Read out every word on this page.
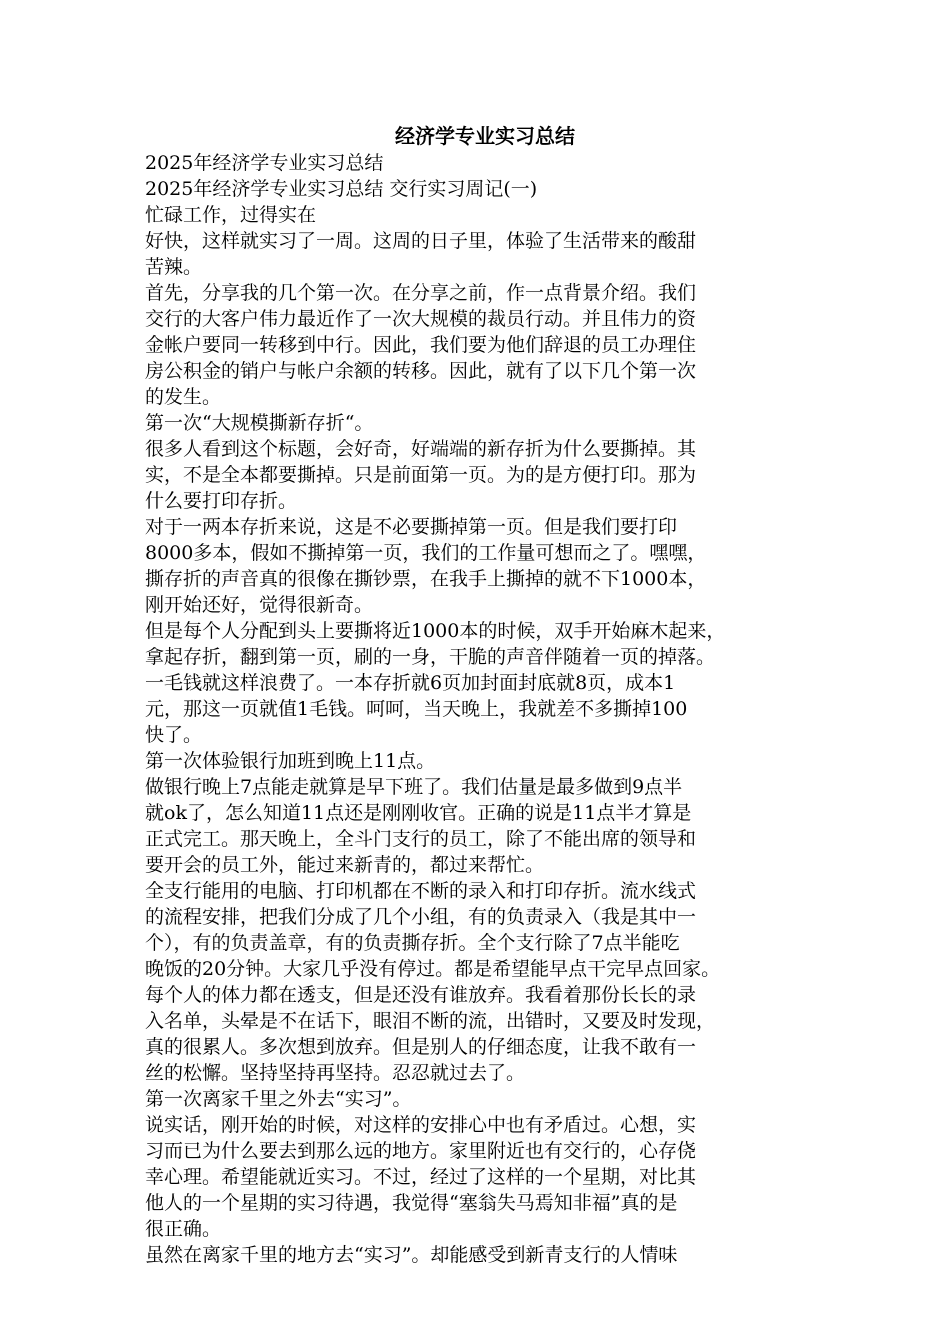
经济学专业实习总结

2025年经济学专业实习总结

2025年经济学专业实习总结 交行实习周记(一)

忙碌工作，过得实在

好快，这样就实习了一周。这周的日子里，体验了生活带来的酸甜

苦辣。

首先，分享我的几个第一次。在分享之前，作一点背景介绍。我们

交行的大客户伟力最近作了一次大规模的裁员行动。并且伟力的资

金帐户要同一转移到中行。因此，我们要为他们辞退的员工办理住

房公积金的销户与帐户余额的转移。因此，就有了以下几个第一次

的发生。

第一次“大规模撕新存折“。

很多人看到这个标题，会好奇，好端端的新存折为什么要撕掉。其

实，不是全本都要撕掉。只是前面第一页。为的是方便打印。那为

什么要打印存折。

对于一两本存折来说，这是不必要撕掉第一页。但是我们要打印

8000多本，假如不撕掉第一页，我们的工作量可想而之了。嘿嘿，

撕存折的声音真的很像在撕钞票，在我手上撕掉的就不下1000本，

刚开始还好，觉得很新奇。

但是每个人分配到头上要撕将近1000本的时候，双手开始麻木起来，

拿起存折，翻到第一页，刷的一身，干脆的声音伴随着一页的掉落。

一毛钱就这样浪费了。一本存折就6页加封面封底就8页，成本1

元，那这一页就值1毛钱。呵呵，当天晚上，我就差不多撕掉100

快了。

第一次体验银行加班到晚上11点。

做银行晚上7点能走就算是早下班了。我们估量是最多做到9点半

就ok了，怎么知道11点还是刚刚收官。正确的说是11点半才算是

正式完工。那天晚上，全斗门支行的员工，除了不能出席的领导和

要开会的员工外，能过来新青的，都过来帮忙。

全支行能用的电脑、打印机都在不断的录入和打印存折。流水线式

的流程安排，把我们分成了几个小组，有的负责录入（我是其中一

个），有的负责盖章，有的负责撕存折。全个支行除了7点半能吃

晚饭的20分钟。大家几乎没有停过。都是希望能早点干完早点回家。

每个人的体力都在透支，但是还没有谁放弃。我看着那份长长的录

入名单，头晕是不在话下，眼泪不断的流，出错时，又要及时发现，

真的很累人。多次想到放弃。但是别人的仔细态度，让我不敢有一

丝的松懈。坚持坚持再坚持。忍忍就过去了。

第一次离家千里之外去“实习”。

说实话，刚开始的时候，对这样的安排心中也有矛盾过。心想，实

习而已为什么要去到那么远的地方。家里附近也有交行的，心存侥

幸心理。希望能就近实习。不过，经过了这样的一个星期，对比其

他人的一个星期的实习待遇，我觉得“塞翁失马焉知非福”真的是

很正确。

虽然在离家千里的地方去“实习”。却能感受到新青支行的人情味
